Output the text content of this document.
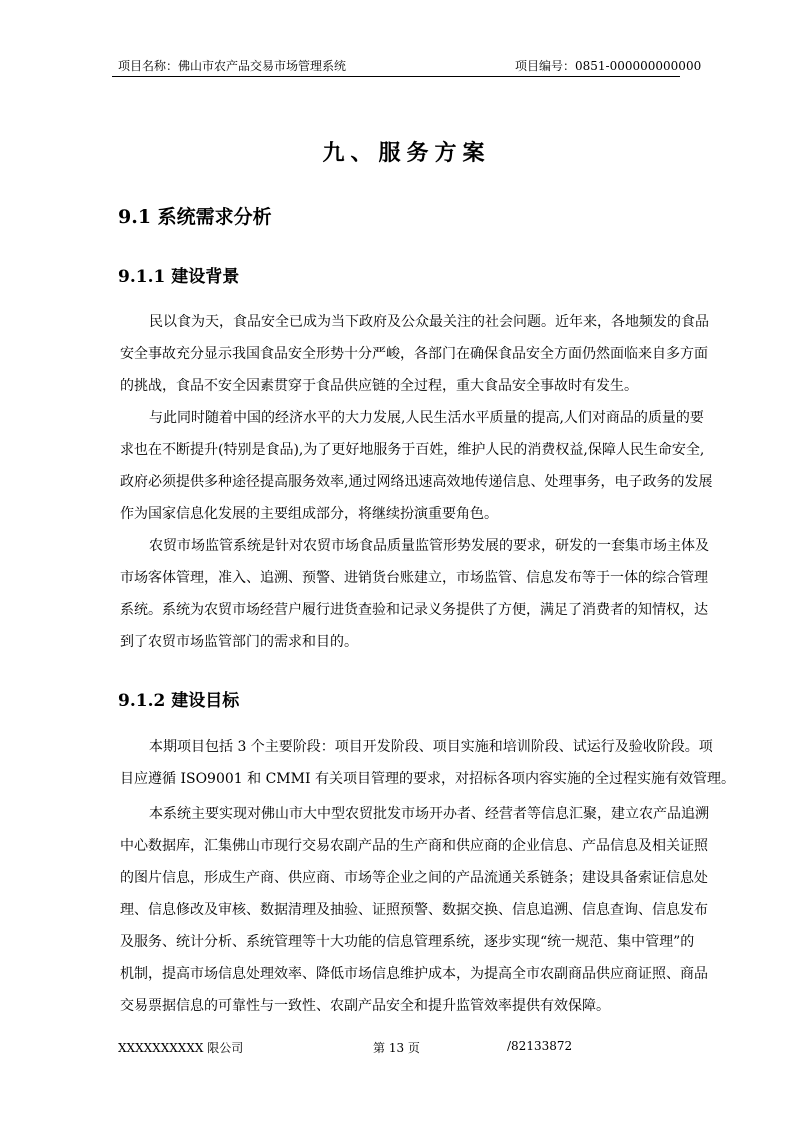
项目名称：佛山市农产品交易市场管理系统	项目编号：0851-000000000000
九、服务方案
9.1 系统需求分析
9.1.1 建设背景
民以食为天，食品安全已成为当下政府及公众最关注的社会问题。近年来，各地频发的食品
安全事故充分显示我国食品安全形势十分严峻，各部门在确保食品安全方面仍然面临来自多方面
的挑战，食品不安全因素贯穿于食品供应链的全过程，重大食品安全事故时有发生。
与此同时随着中国的经济水平的大力发展,人民生活水平质量的提高,人们对商品的质量的要
求也在不断提升(特别是食品),为了更好地服务于百姓，维护人民的消费权益,保障人民生命安全,
政府必须提供多种途径提高服务效率,通过网络迅速高效地传递信息、处理事务，电子政务的发展
作为国家信息化发展的主要组成部分，将继续扮演重要角色。
农贸市场监管系统是针对农贸市场食品质量监管形势发展的要求，研发的一套集市场主体及
市场客体管理，准入、追溯、预警、进销货台账建立，市场监管、信息发布等于一体的综合管理
系统。系统为农贸市场经营户履行进货查验和记录义务提供了方便，满足了消费者的知情权，达
到了农贸市场监管部门的需求和目的。
9.1.2 建设目标
本期项目包括 3 个主要阶段：项目开发阶段、项目实施和培训阶段、试运行及验收阶段。项
目应遵循 ISO9001 和 CMMI 有关项目管理的要求，对招标各项内容实施的全过程实施有效管理。
本系统主要实现对佛山市大中型农贸批发市场开办者、经营者等信息汇聚，建立农产品追溯
中心数据库，汇集佛山市现行交易农副产品的生产商和供应商的企业信息、产品信息及相关证照
的图片信息，形成生产商、供应商、市场等企业之间的产品流通关系链条；建设具备索证信息处
理、信息修改及审核、数据清理及抽验、证照预警、数据交换、信息追溯、信息查询、信息发布
及服务、统计分析、系统管理等十大功能的信息管理系统，逐步实现“统一规范、集中管理”的
机制，提高市场信息处理效率、降低市场信息维护成本，为提高全市农副商品供应商证照、商品
交易票据信息的可靠性与一致性、农副产品安全和提升监管效率提供有效保障。
XXXXXXXXXX 限公司	第 13 页	/82133872
